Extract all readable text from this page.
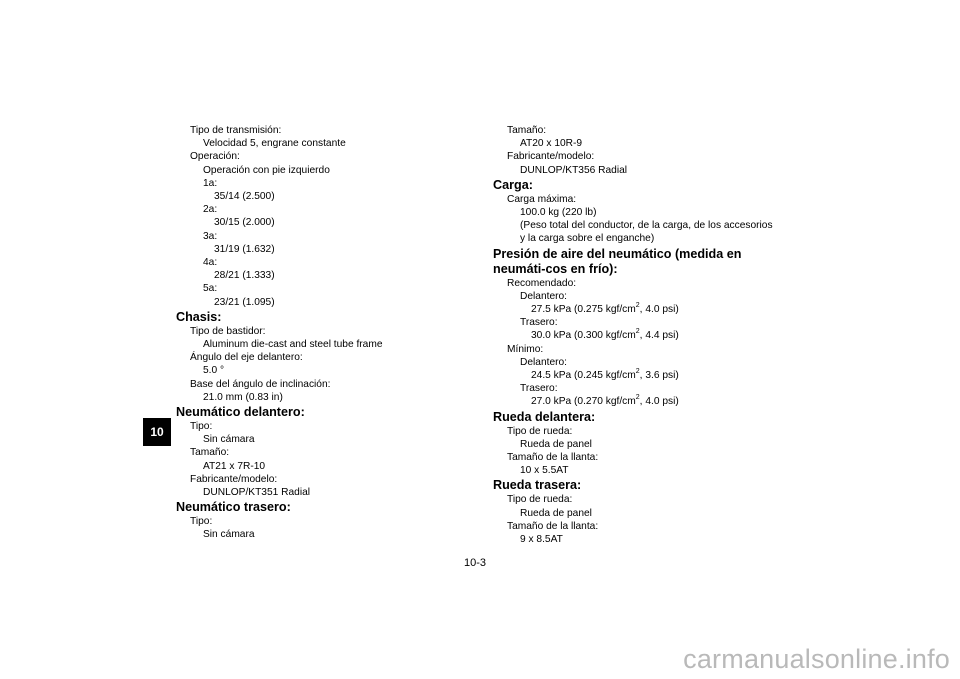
10
Tipo de transmisión:
Velocidad 5, engrane constante
Operación:
Operación con pie izquierdo
1a:
35/14 (2.500)
2a:
30/15 (2.000)
3a:
31/19 (1.632)
4a:
28/21 (1.333)
5a:
23/21 (1.095)
Chasis:
Tipo de bastidor:
Aluminum die-cast and steel tube frame
Ángulo del eje delantero:
5.0 °
Base del ángulo de inclinación:
21.0 mm (0.83 in)
Neumático delantero:
Tipo:
Sin cámara
Tamaño:
AT21 x 7R-10
Fabricante/modelo:
DUNLOP/KT351 Radial
Neumático trasero:
Tipo:
Sin cámara
Tamaño:
AT20 x 10R-9
Fabricante/modelo:
DUNLOP/KT356 Radial
Carga:
Carga máxima:
100.0 kg (220 lb)
(Peso total del conductor, de la carga, de los accesorios
y la carga sobre el enganche)
Presión de aire del neumático (medida en neumáti-cos en frío):
Recomendado:
Delantero:
27.5 kPa (0.275 kgf/$cm^2$, 4.0 psi)
Trasero:
30.0 kPa (0.300 kgf/$cm^2$, 4.4 psi)
Mínimo:
Delantero:
24.5 kPa (0.245 kgf/$cm^2$, 3.6 psi)
Trasero:
27.0 kPa (0.270 kgf/$cm^2$, 4.0 psi)
Rueda delantera:
Tipo de rueda:
Rueda de panel
Tamaño de la llanta:
10 x 5.5AT
Rueda trasera:
Tipo de rueda:
Rueda de panel
Tamaño de la llanta:
9 x 8.5AT
10-3
carmanualsonline.info
